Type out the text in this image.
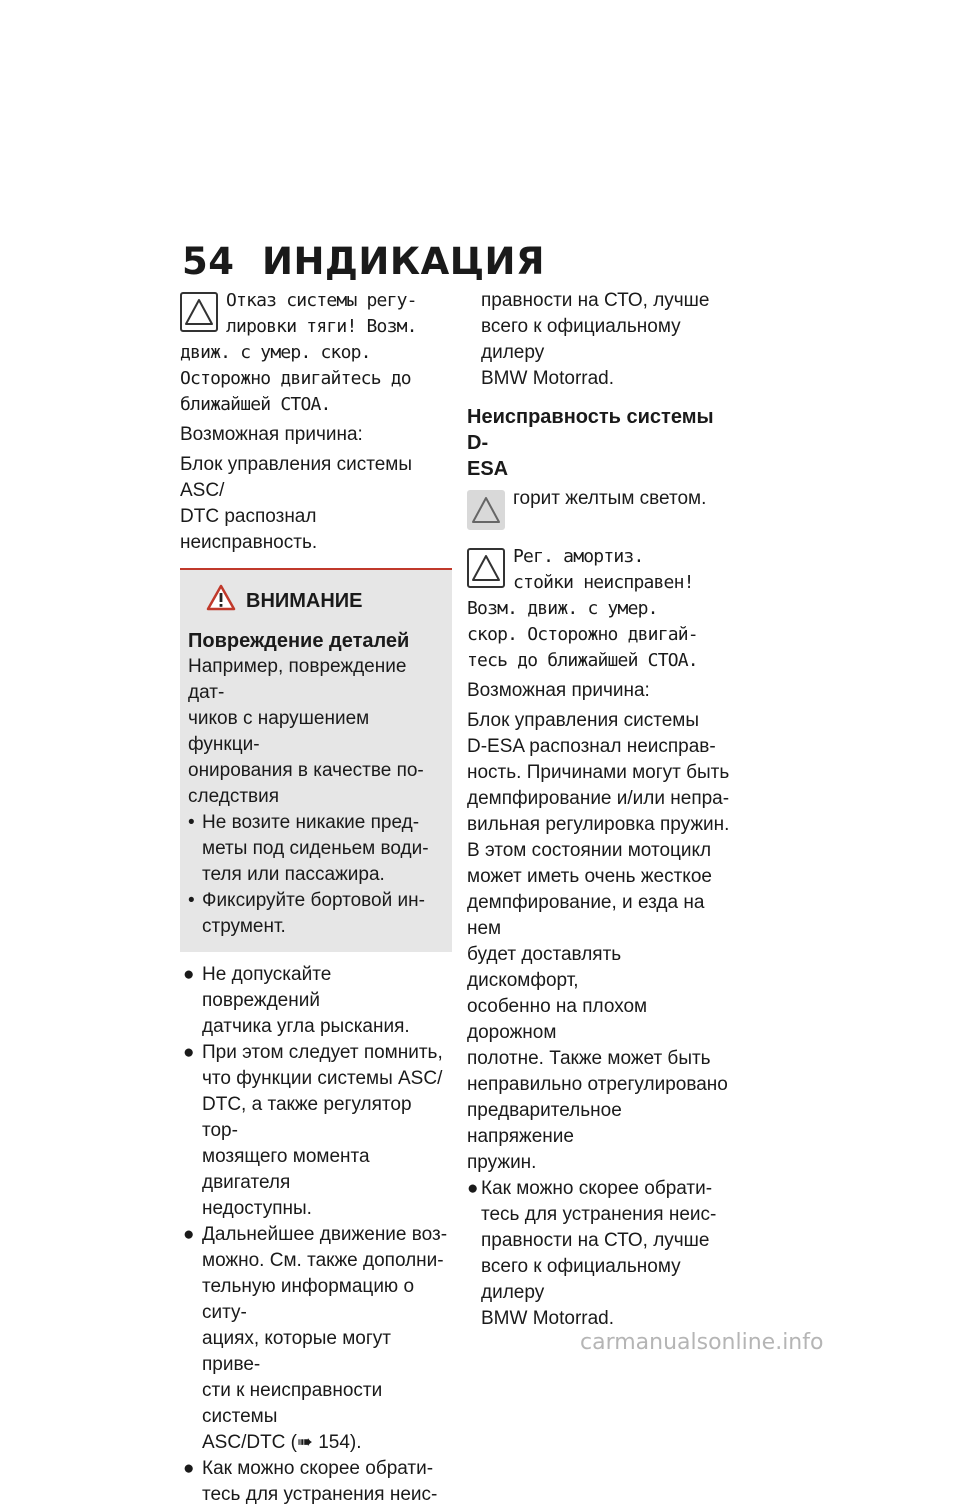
54 ИНДИКАЦИЯ
Отказ системы регу-
лировки тяги! Возм.
движ. с умер. скор.
Осторожно двигайтесь до
ближайшей СТОА.
Возможная причина:
Блок управления системы ASC/
DTC распознал неисправность.
ВНИМАНИЕ
Повреждение деталей
Например, повреждение дат-
чиков с нарушением функци-
онирования в качестве по-
следствия
• Не возите никакие пред-
меты под сиденьем води-
теля или пассажира.
• Фиксируйте бортовой ин-
струмент.
● Не допускайте повреждений
датчика угла рыскания.
● При этом следует помнить,
что функции системы ASC/
DTC, а также регулятор тор-
мозящего момента двигателя
недоступны.
● Дальнейшее движение воз-
можно. См. также дополни-
тельную информацию о ситу-
ациях, которые могут приве-
сти к неисправности системы
ASC/DTC (➠ 154).
● Как можно скорее обрати-
тесь для устранения неис-
правности на СТО, лучше
всего к официальному дилеру
BMW Motorrad.
Неисправность системы D-
ESA
горит желтым светом.
Рег. амортиз.
стойки неисправен!
Возм. движ. с умер.
скор. Осторожно двигай-
тесь до ближайшей СТОА.
Возможная причина:
Блок управления системы
D-ESA распознал неисправ-
ность. Причинами могут быть
демпфирование и/или непра-
вильная регулировка пружин.
В этом состоянии мотоцикл
может иметь очень жесткое
демпфирование, и езда на нем
будет доставлять дискомфорт,
особенно на плохом дорожном
полотне. Также может быть
неправильно отрегулировано
предварительное напряжение
пружин.
● Как можно скорее обрати-
тесь для устранения неис-
правности на СТО, лучше
всего к официальному дилеру
BMW Motorrad.
carmanualsonline.info
